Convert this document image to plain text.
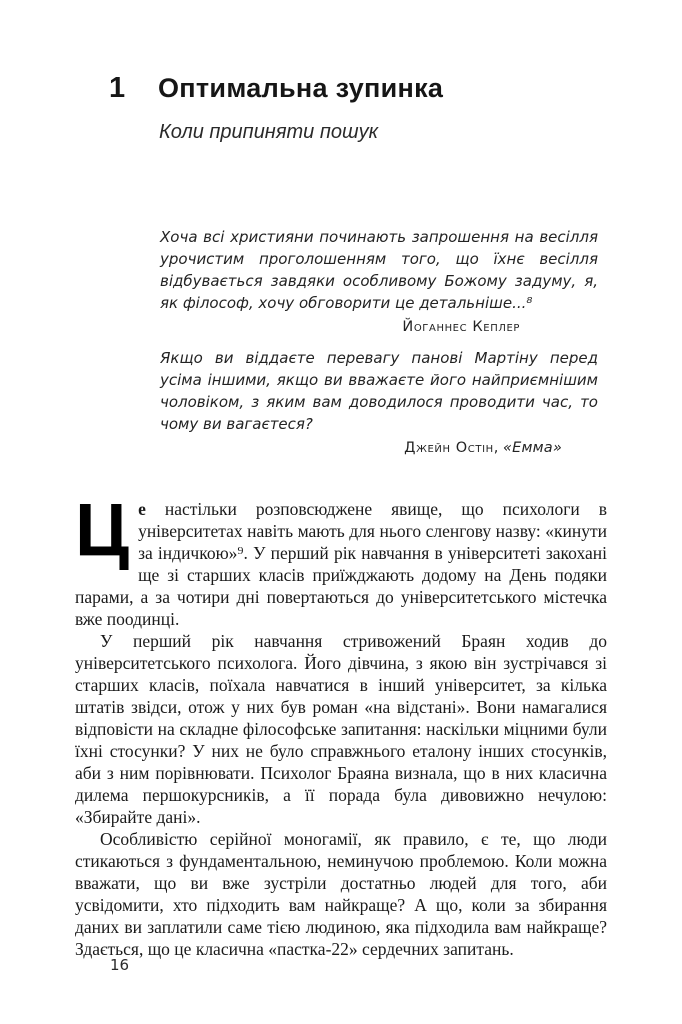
1 Оптимальна зупинка
Коли припиняти пошук
Хоча всі християни починають запрошення на весілля урочистим проголошенням того, що їхнє весілля відбувається завдяки особливому Божому задуму, я, як філософ, хочу обговорити це детальніше...⁸
Йоганнес Кеплер
Якщо ви віддаєте перевагу панові Мартіну перед усіма іншими, якщо ви вважаєте його найприємнішим чоловіком, з яким вам доводилося проводити час, то чому ви вагаєтеся?
Джейн Остін, «Емма»

Це настільки розповсюджене явище, що психологи в університетах навіть мають для нього сленгову назву: «кинути за індичкою»⁹. У перший рік навчання в університеті закохані ще зі старших класів приїжджають додому на День подяки парами, а за чотири дні повертаються до університетського містечка вже поодинці.

У перший рік навчання стривожений Браян ходив до університетського психолога. Його дівчина, з якою він зустрічався зі старших класів, поїхала навчатися в інший університет, за кілька штатів звідси, отож у них був роман «на відстані». Вони намагалися відповісти на складне філософське запитання: наскільки міцними були їхні стосунки? У них не було справжнього еталону інших стосунків, аби з ним порівнювати. Психолог Браяна визнала, що в них класична дилема першокурсників, а її порада була дивовижно нечулою: «Збирайте дані».

Особливістю серійної моногамії, як правило, є те, що люди стикаються з фундаментальною, неминучою проблемою. Коли можна вважати, що ви вже зустріли достатньо людей для того, аби усвідомити, хто підходить вам найкраще? А що, коли за збирання даних ви заплатили саме тією людиною, яка підходила вам найкраще? Здається, що це класична «пастка-22» сердечних запитань.

16
